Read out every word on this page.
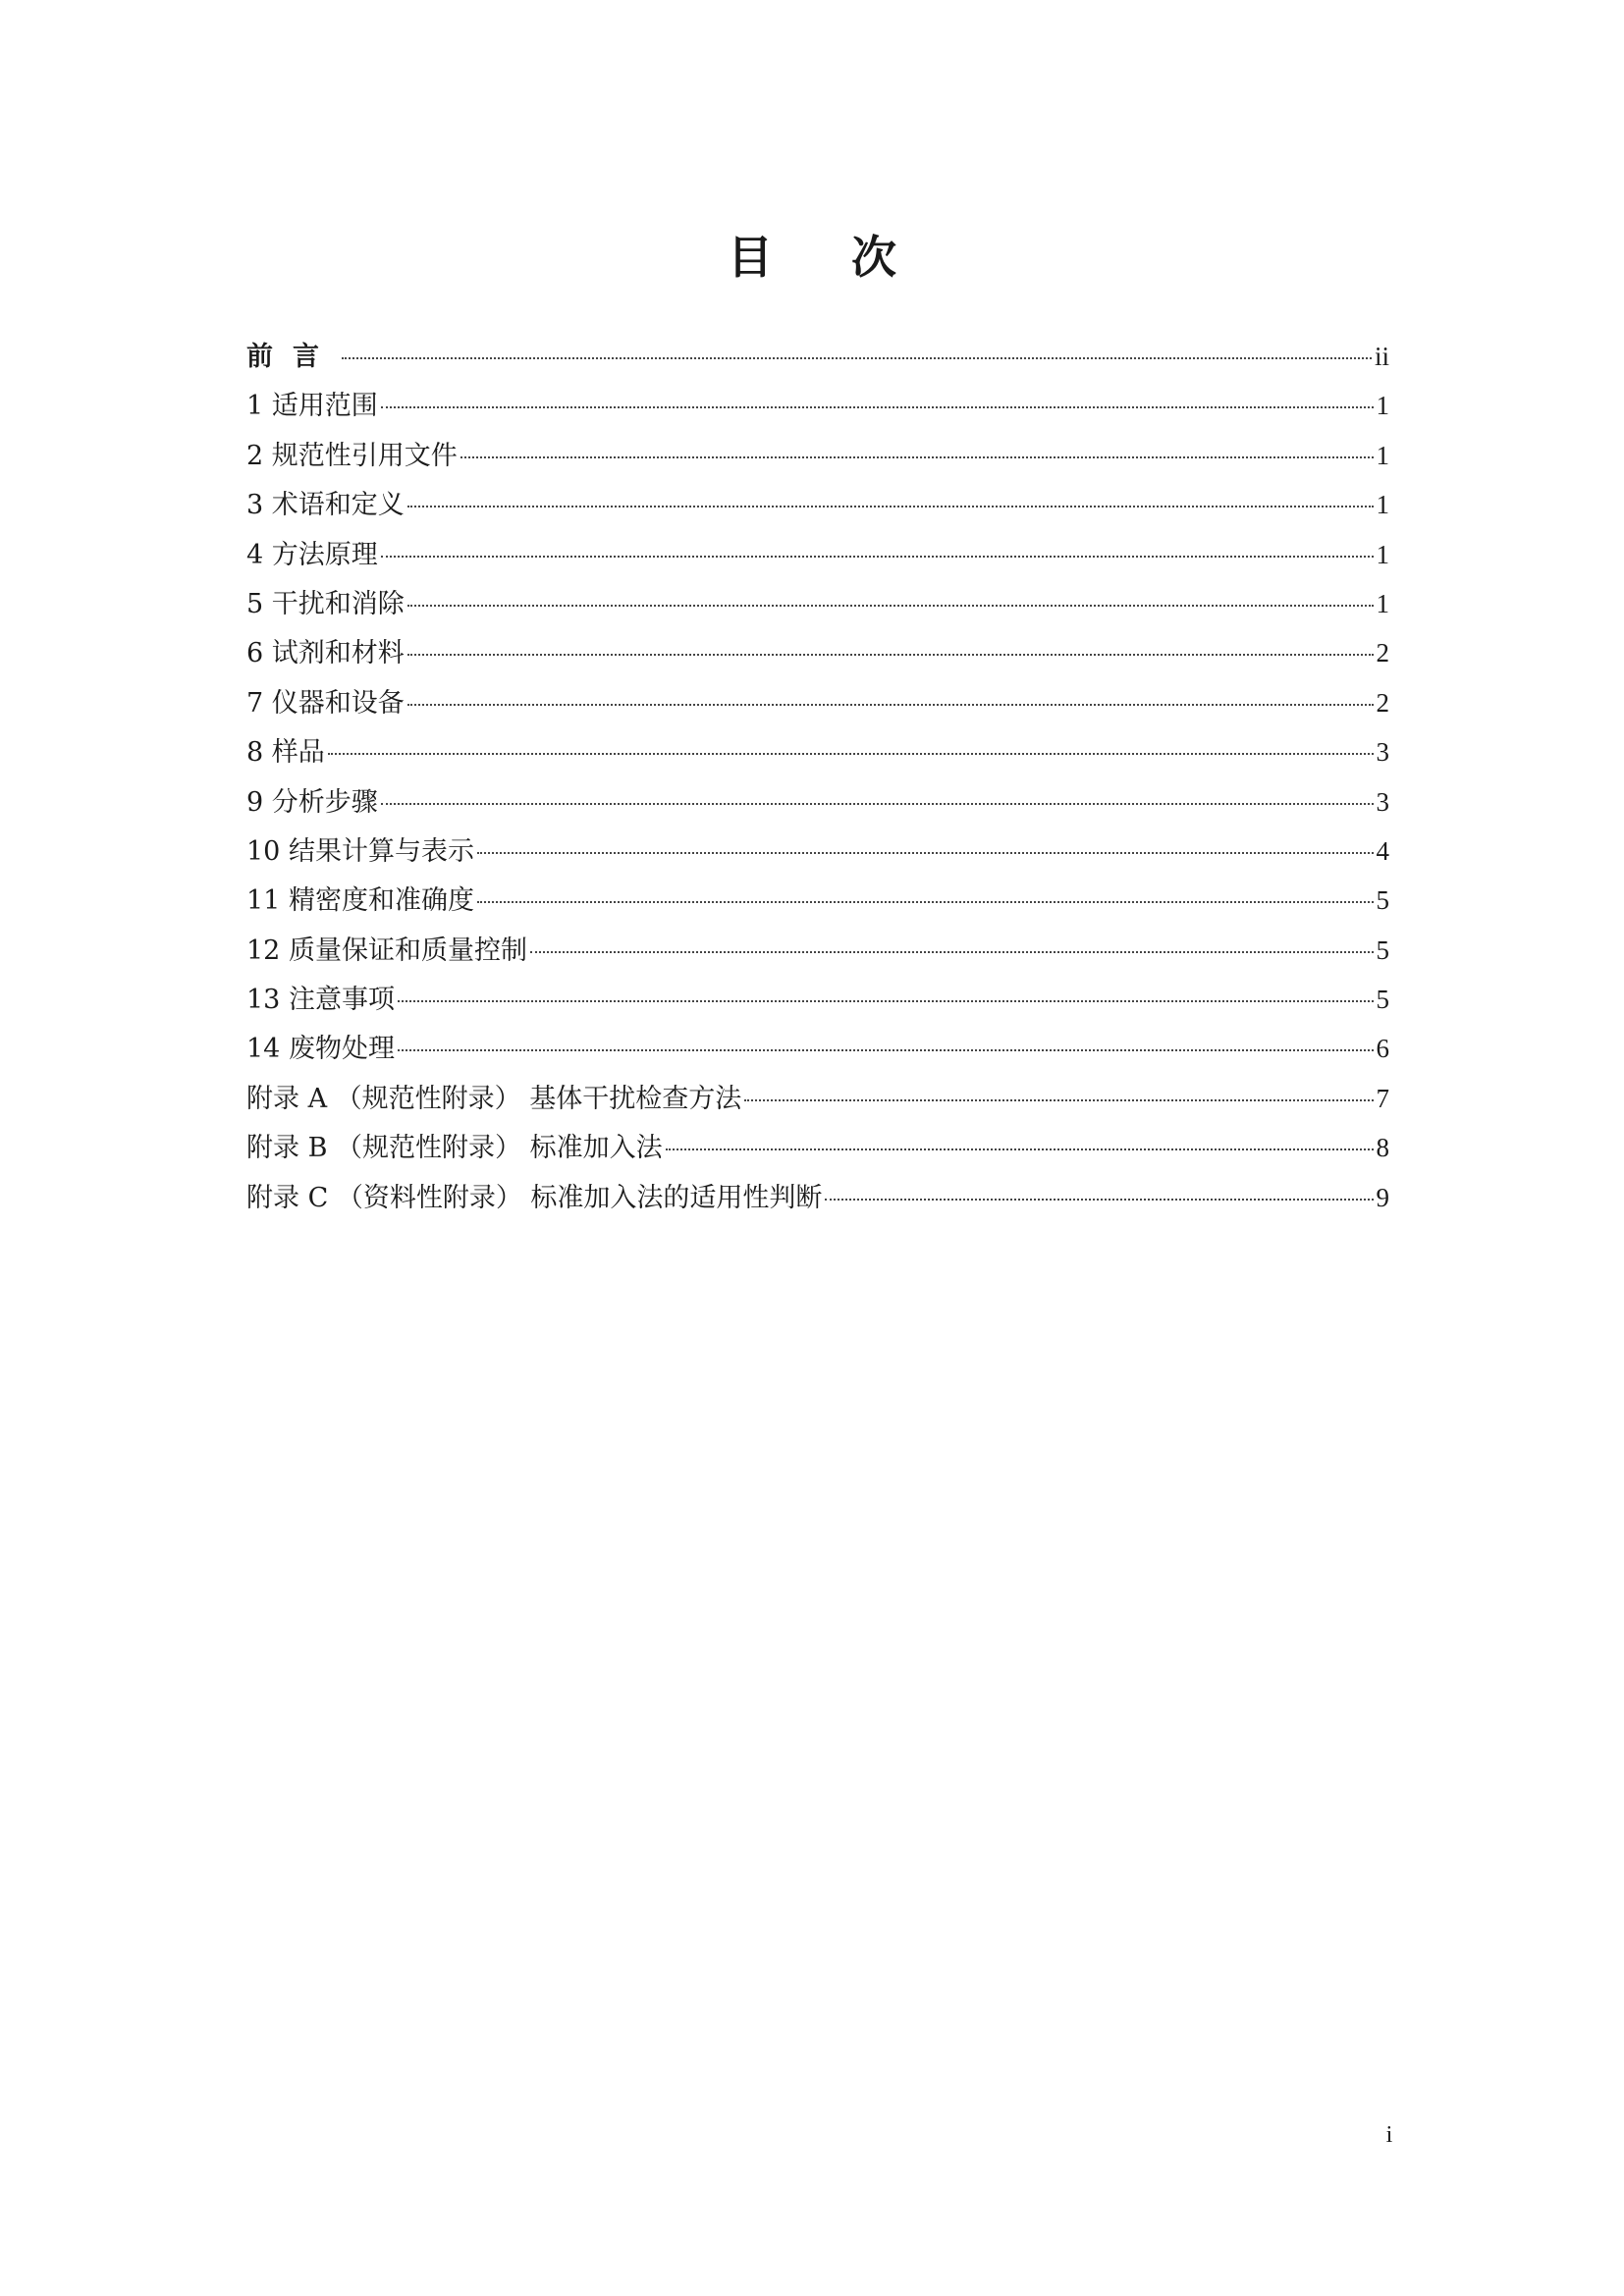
目次
前言	ii
1 适用范围	1
2 规范性引用文件	1
3 术语和定义	1
4 方法原理	1
5 干扰和消除	1
6 试剂和材料	2
7 仪器和设备	2
8 样品	3
9 分析步骤	3
10 结果计算与表示	4
11 精密度和准确度	5
12 质量保证和质量控制	5
13 注意事项	5
14 废物处理	6
附录 A （规范性附录） 基体干扰检查方法	7
附录 B （规范性附录） 标准加入法	8
附录 C （资料性附录） 标准加入法的适用性判断	9
i
